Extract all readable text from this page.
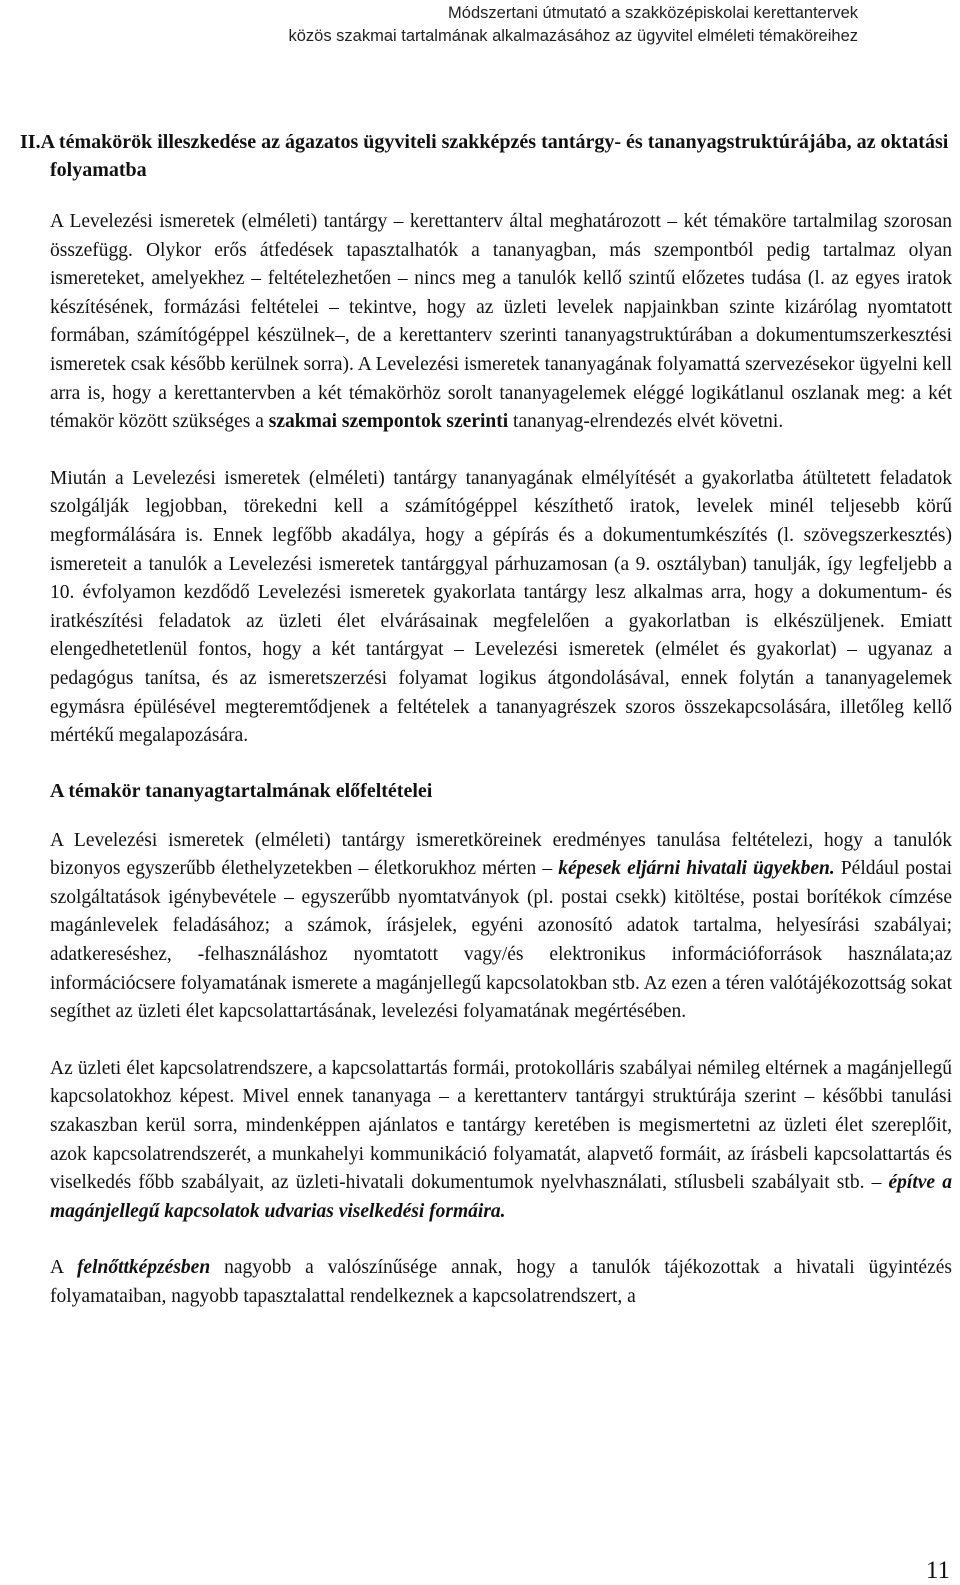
Módszertani útmutató a szakközépiskolai kerettantervek
közös szakmai tartalmának alkalmazásához az ügyvitel elméleti témaköreihez
II.A témakörök illeszkedése az ágazatos ügyviteli szakképzés tantárgy- és tananyagstruktúrájába, az oktatási folyamatba

A Levelezési ismeretek (elméleti) tantárgy – kerettanterv által meghatározott – két témaköre tartalmilag szorosan összefügg. Olykor erős átfedések tapasztalhatók a tananyagban, más szempontból pedig tartalmaz olyan ismereteket, amelyekhez – feltételezhetően – nincs meg a tanulók kellő szintű előzetes tudása (l. az egyes iratok készítésének, formázási feltételei – tekintve, hogy az üzleti levelek napjainkban szinte kizárólag nyomtatott formában, számítógéppel készülnek–, de a kerettanterv szerinti tananyagstruktúrában a dokumentumszerkesztési ismeretek csak később kerülnek sorra). A Levelezési ismeretek tananyagának folyamattá szervezésekor ügyelni kell arra is, hogy a kerettantervben a két témakörhöz sorolt tananyagelemek eléggé logikátlanul oszlanak meg: a két témakör között szükséges a szakmai szempontok szerinti tananyag-elrendezés elvét követni.

Miután a Levelezési ismeretek (elméleti) tantárgy tananyagának elmélyítését a gyakorlatba átültetett feladatok szolgálják legjobban, törekedni kell a számítógéppel készíthető iratok, levelek minél teljesebb körű megformálására is. Ennek legfőbb akadálya, hogy a gépírás és a dokumentumkészítés (l. szövegszerkesztés) ismereteit a tanulók a Levelezési ismeretek tantárggyal párhuzamosan (a 9. osztályban) tanulják, így legfeljebb a 10. évfolyamon kezdődő Levelezési ismeretek gyakorlata tantárgy lesz alkalmas arra, hogy a dokumentum- és iratkészítési feladatok az üzleti élet elvárásainak megfelelően a gyakorlatban is elkészüljenek. Emiatt elengedhetetlenül fontos, hogy a két tantárgyat – Levelezési ismeretek (elmélet és gyakorlat) – ugyanaz a pedagógus tanítsa, és az ismeretszerzési folyamat logikus átgondolásával, ennek folytán a tananyagelemek egymásra épülésével megteremtődjenek a feltételek a tananyagrészek szoros összekapcsolására, illetőleg kellő mértékű megalapozására.

A témakör tananyagtartalmának előfeltételei

A Levelezési ismeretek (elméleti) tantárgy ismeretköreinek eredményes tanulása feltételezi, hogy a tanulók bizonyos egyszerűbb élethelyzetekben – életkorukhoz mérten – képesek eljárni hivatali ügyekben. Például postai szolgáltatások igénybevétele – egyszerűbb nyomtatványok (pl. postai csekk) kitöltése, postai borítékok címzése magánlevelek feladásához; a számok, írásjelek, egyéni azonosító adatok tartalma, helyesírási szabályai; adatkereséshez, -felhasználáshoz nyomtatott vagy/és elektronikus információforrások használata;az információcsere folyamatának ismerete a magánjellegű kapcsolatokban stb. Az ezen a téren valótájékozottság sokat segíthet az üzleti élet kapcsolattartásának, levelezési folyamatának megértésében.

Az üzleti élet kapcsolatrendszere, a kapcsolattartás formái, protokolláris szabályai némileg eltérnek a magánjellegű kapcsolatokhoz képest. Mivel ennek tananyaga – a kerettanterv tantárgyi struktúrája szerint – későbbi tanulási szakaszban kerül sorra, mindenképpen ajánlatos e tantárgy keretében is megismertetni az üzleti élet szereplőit, azok kapcsolatrendszerét, a munkahelyi kommunikáció folyamatát, alapvető formáit, az írásbeli kapcsolattartás és viselkedés főbb szabályait, az üzleti-hivatali dokumentumok nyelvhasználati, stílusbeli szabályait stb. – építve a magánjellegű kapcsolatok udvarias viselkedési formáira.

A felnőttképzésben nagyobb a valószínűsége annak, hogy a tanulók tájékozottak a hivatali ügyintézés folyamataiban, nagyobb tapasztalattal rendelkeznek a kapcsolatrendszert, a

11
